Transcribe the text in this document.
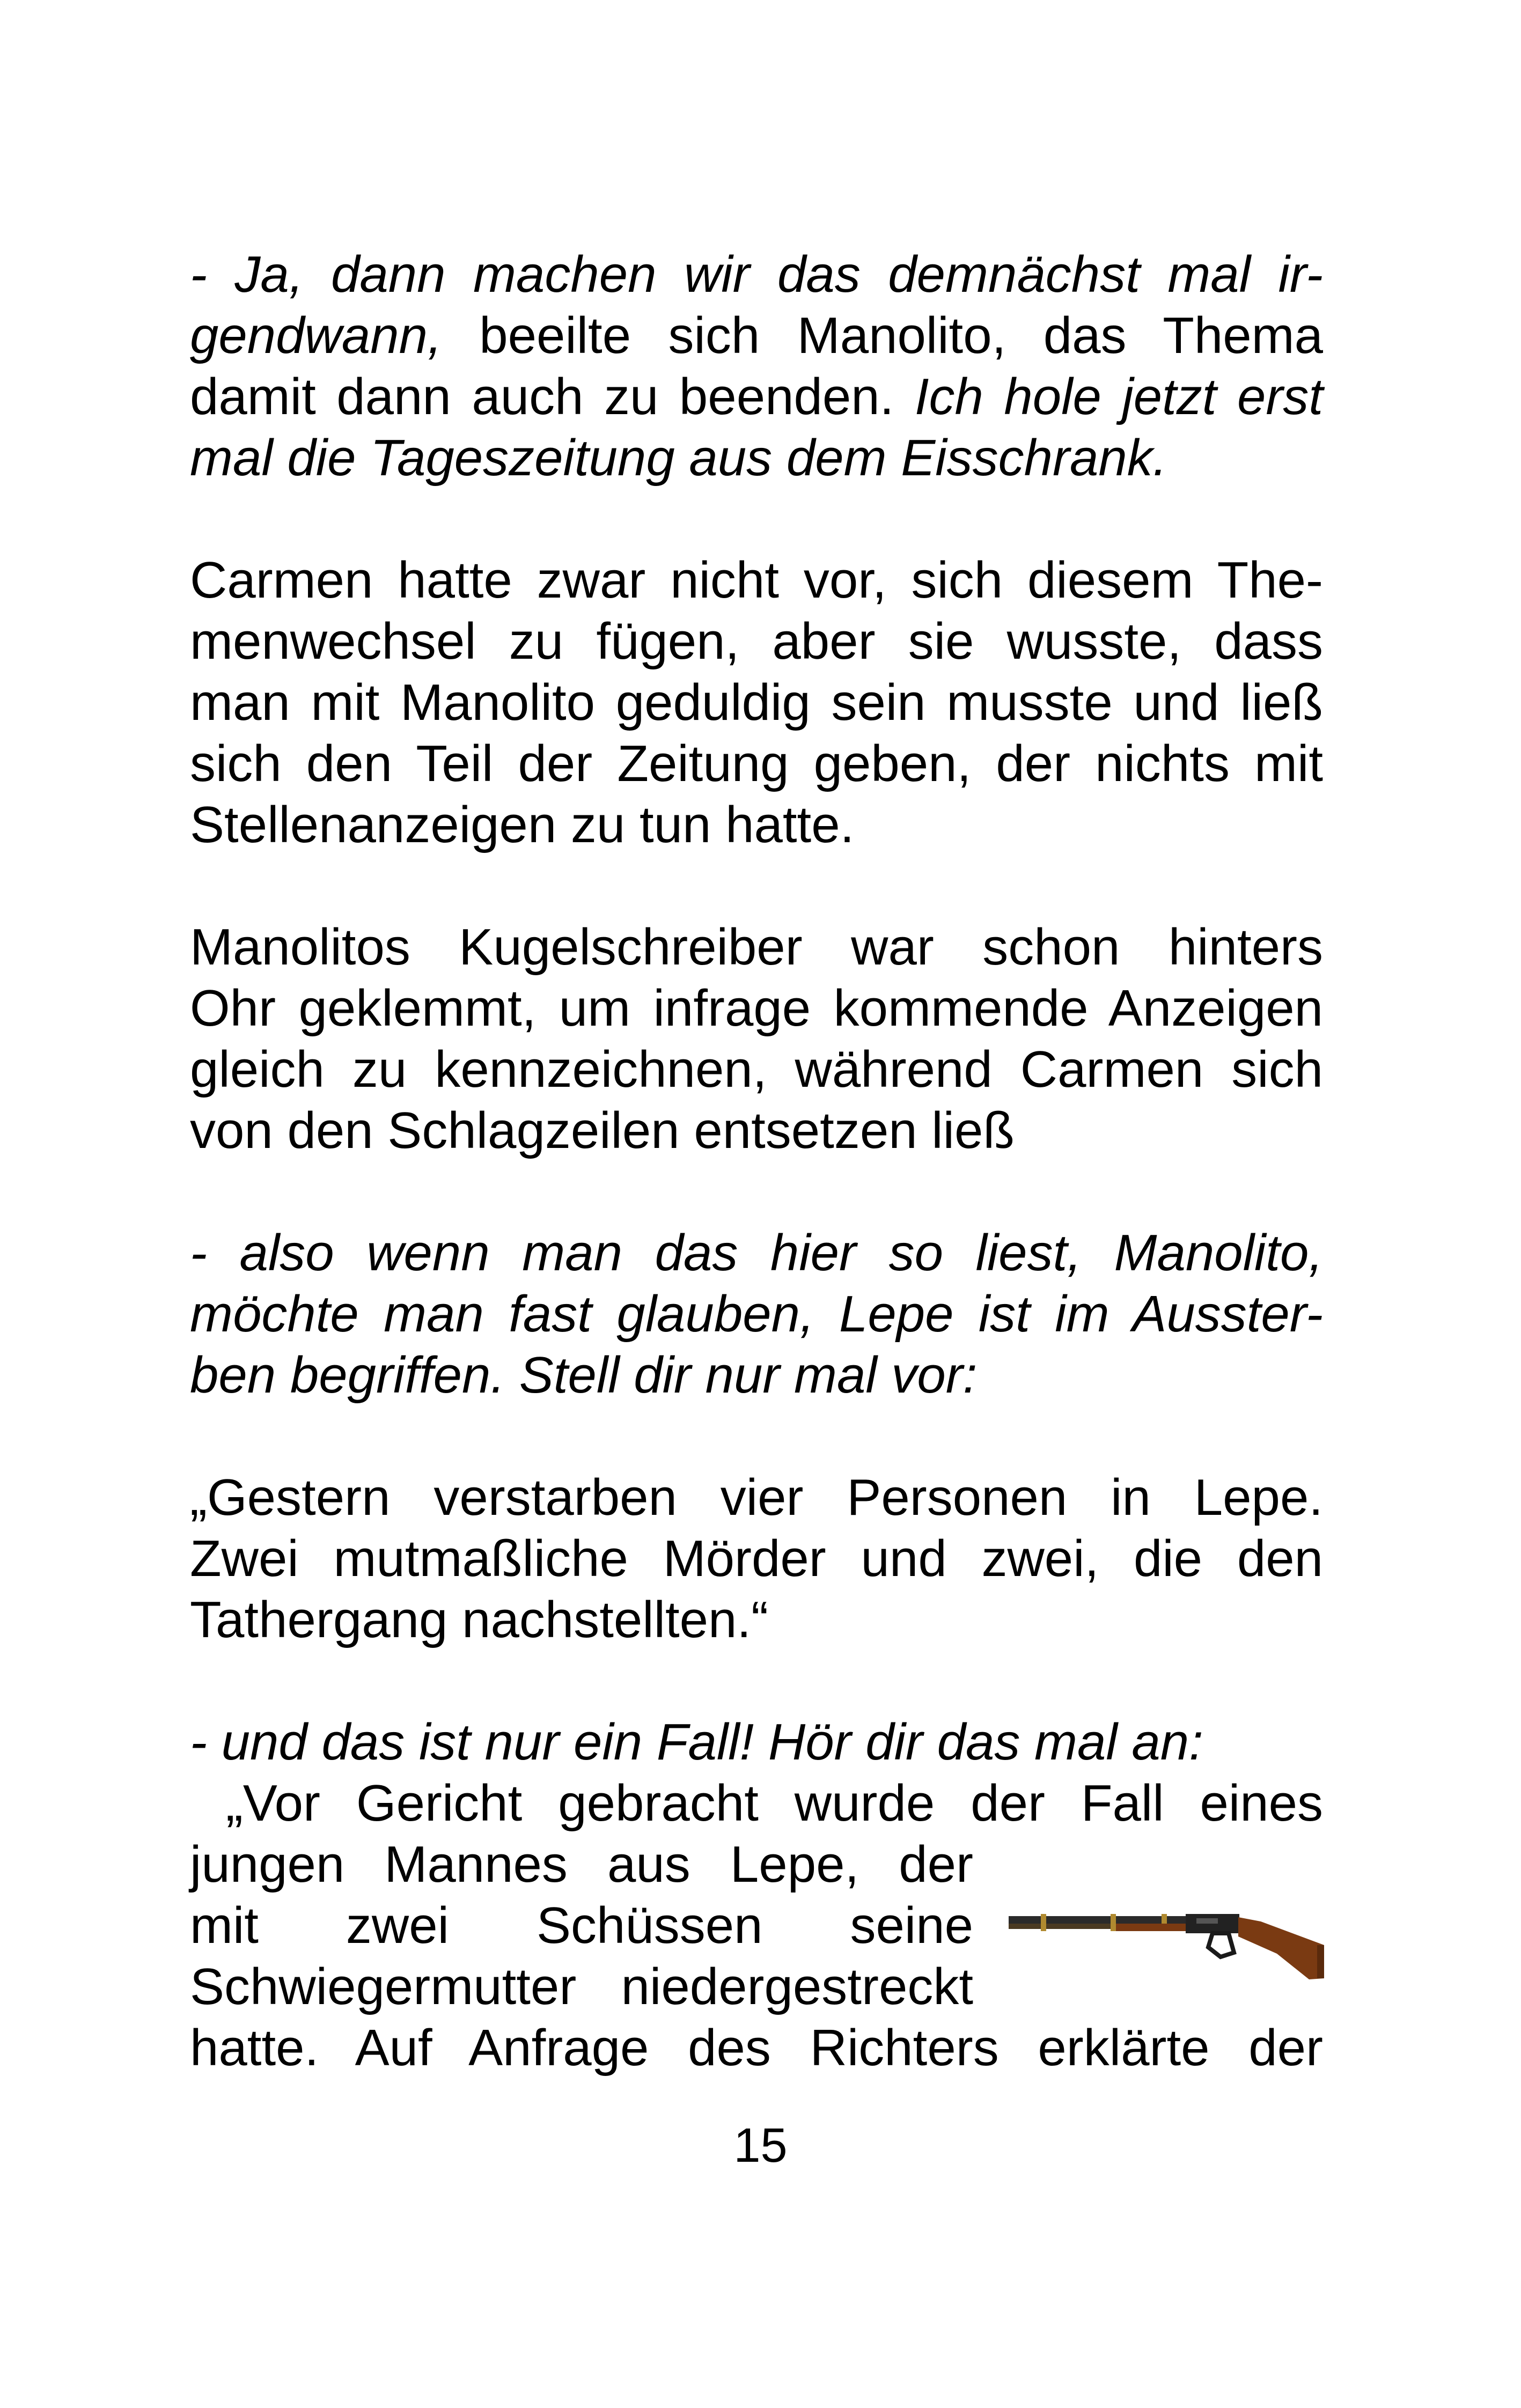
- Ja, dann machen wir das demnächst mal ir-
gendwann, beeilte sich Manolito, das Thema
damit dann auch zu beenden. Ich hole jetzt erst
mal die Tageszeitung aus dem Eisschrank.
Carmen hatte zwar nicht vor, sich diesem The-
menwechsel zu fügen, aber sie wusste, dass
man mit Manolito geduldig sein musste und ließ
sich den Teil der Zeitung geben, der nichts mit
Stellenanzeigen zu tun hatte.
Manolitos Kugelschreiber war schon hinters
Ohr geklemmt, um infrage kommende Anzeigen
gleich zu kennzeichnen, während Carmen sich
von den Schlagzeilen entsetzen ließ
- also wenn man das hier so liest, Manolito,
möchte man fast glauben, Lepe ist im Ausster-
ben begriffen. Stell dir nur mal vor:
„Gestern verstarben vier Personen in Lepe.
Zwei mutmaßliche Mörder und zwei, die den
Tathergang nachstellten.“
- und das ist nur ein Fall! Hör dir das mal an:
„Vor Gericht gebracht wurde der Fall eines
jungen Mannes aus Lepe, der
mit zwei Schüssen seine
Schwiegermutter niedergestreckt
hatte. Auf Anfrage des Richters erklärte der
15
